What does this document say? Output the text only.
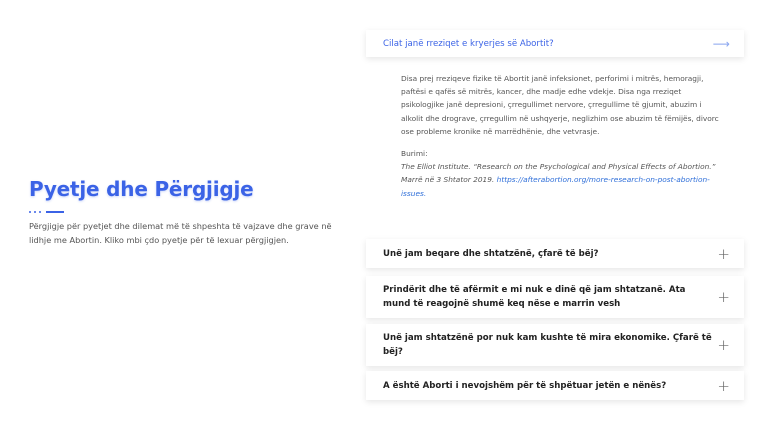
Pyetje dhe Përgjigje

Përgjigje për pyetjet dhe dilemat më të shpeshta të vajzave dhe grave në lidhje me Abortin. Kliko mbi çdo pyetje për të lexuar përgjigjen.

Cilat janë rreziqet e kryerjes së Abortit?	⟶

Disa prej rreziqeve fizike të Abortit janë infeksionet, perforimi i mitrës, hemoragji, paftësi e qafës së mitrës, kancer, dhe madje edhe vdekje. Disa nga rreziqet psikologjike janë depresioni, çrregullimet nervore, çrregullime të gjumit, abuzim i alkolit dhe drograve, çrregullim në ushqyerje, neglizhim ose abuzim të fëmijës, divorc ose probleme kronike në marrëdhënie, dhe vetvrasje.

Burimi:

The Elliot Institute. “Research on the Psychological and Physical Effects of Abortion.” Marrë në 3 Shtator 2019. https://afterabortion.org/more-research-on-post-abortion-issues.

Unë jam beqare dhe shtatzënë, çfarë të bëj?	+
Prindërit dhe të afërmit e mi nuk e dinë që jam shtatzanë. Ata mund të reagojnë shumë keq nëse e marrin vesh	+
Unë jam shtatzënë por nuk kam kushte të mira ekonomike. Çfarë të bëj?	+
A është Aborti i nevojshëm për të shpëtuar jetën e nënës?	+
